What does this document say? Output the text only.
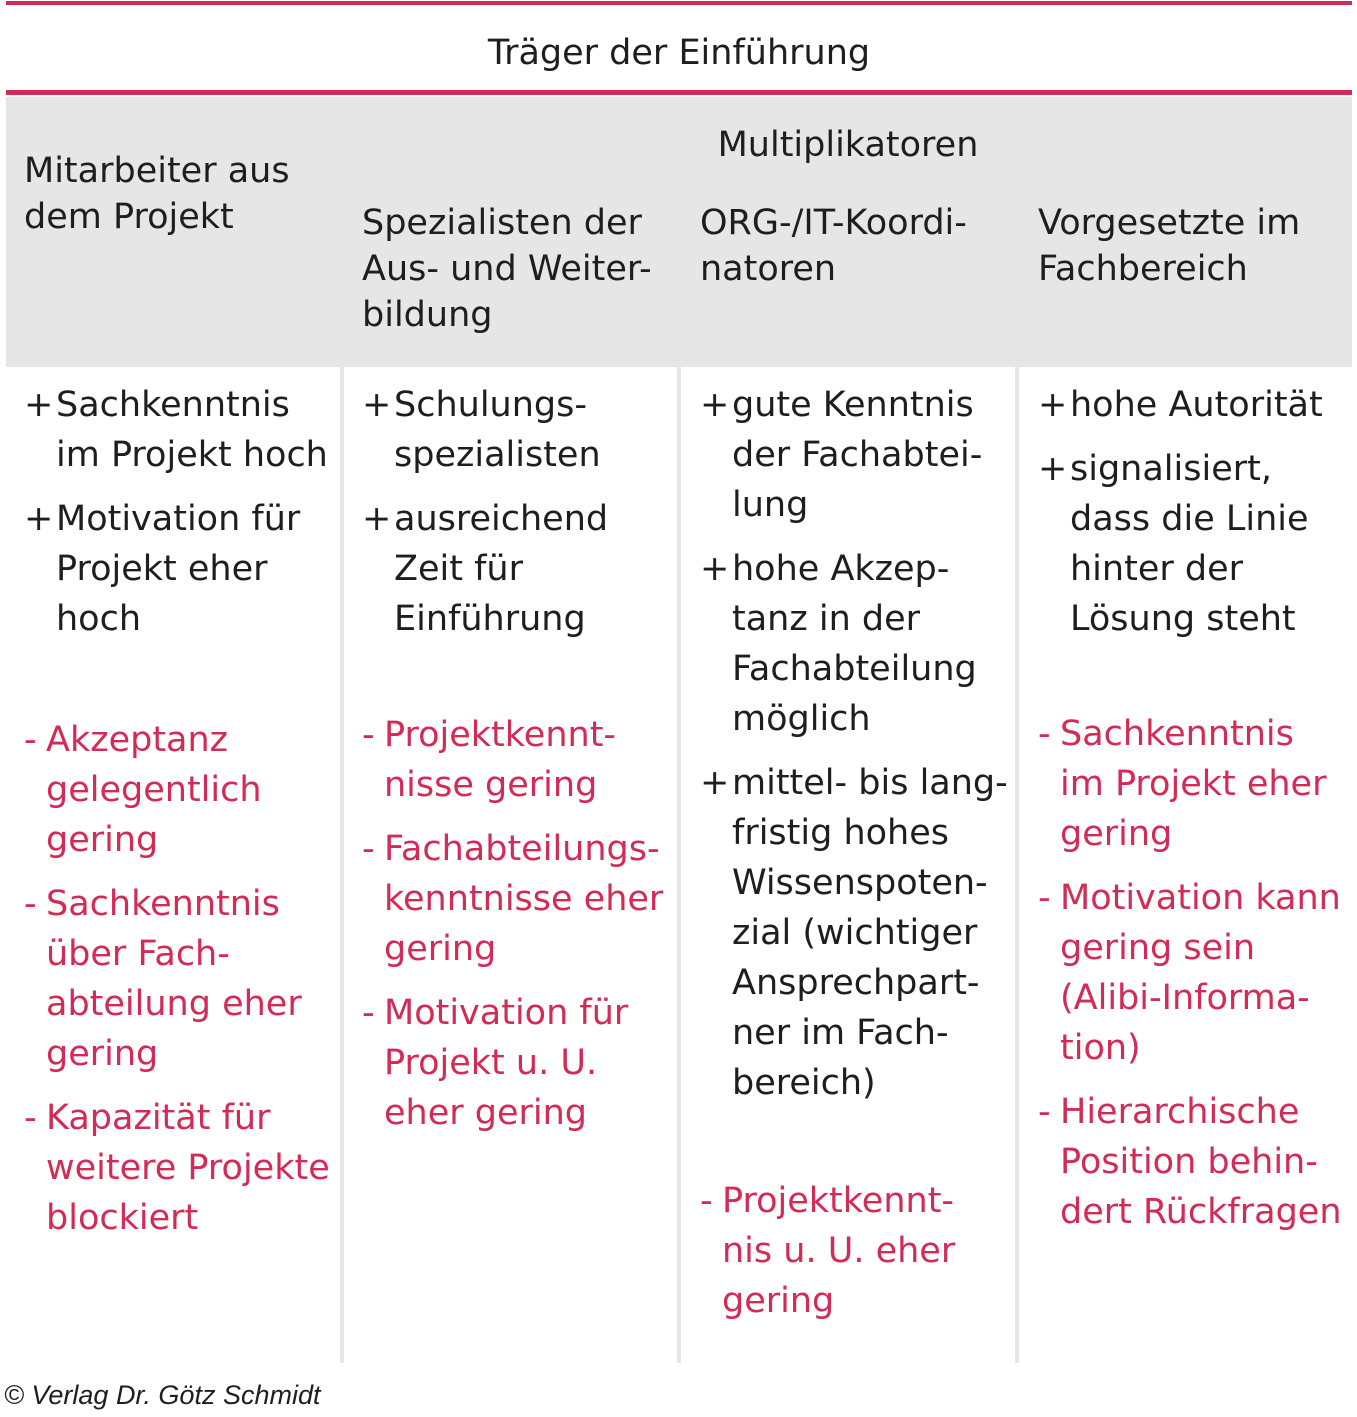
Träger der Einführung
Multiplikatoren
Mitarbeiter aus
dem Projekt	Spezialisten der
Aus- und Weiter-
bildung
ORG-/IT-Koordi-
natoren
Vorgesetzte im
Fachbereich
+ Sachkenntnis
im Projekt hoch
+ Motivation für
Projekt eher
hoch
- Akzeptanz
gelegentlich
gering
- Sachkenntnis
über Fach-
abteilung eher
gering
- Kapazität für
weitere Projekte
blockiert
+ Schulungs-
spezialisten
+ ausreichend
Zeit für
Einführung
- Projektkennt-
nisse gering
- Fachabteilungs-
kenntnisse eher
gering
- Motivation für
Projekt u. U.
eher gering
+ gute Kenntnis
der Fachabtei-
lung
+ hohe Akzep-
tanz in der
Fachabteilung
möglich
+ mittel- bis lang-
fristig hohes
Wissenspoten-
zial (wichtiger
Ansprechpart-
ner im Fach-
bereich)
- Projektkennt-
nis u. U. eher
gering
+ hohe Autorität
+ signalisiert,
dass die Linie
hinter der
Lösung steht
- Sachkenntnis
im Projekt eher
gering
- Motivation kann
gering sein
(Alibi-Informa-
tion)
- Hierarchische
Position behin-
dert Rückfragen
© Verlag Dr. Götz Schmidt
